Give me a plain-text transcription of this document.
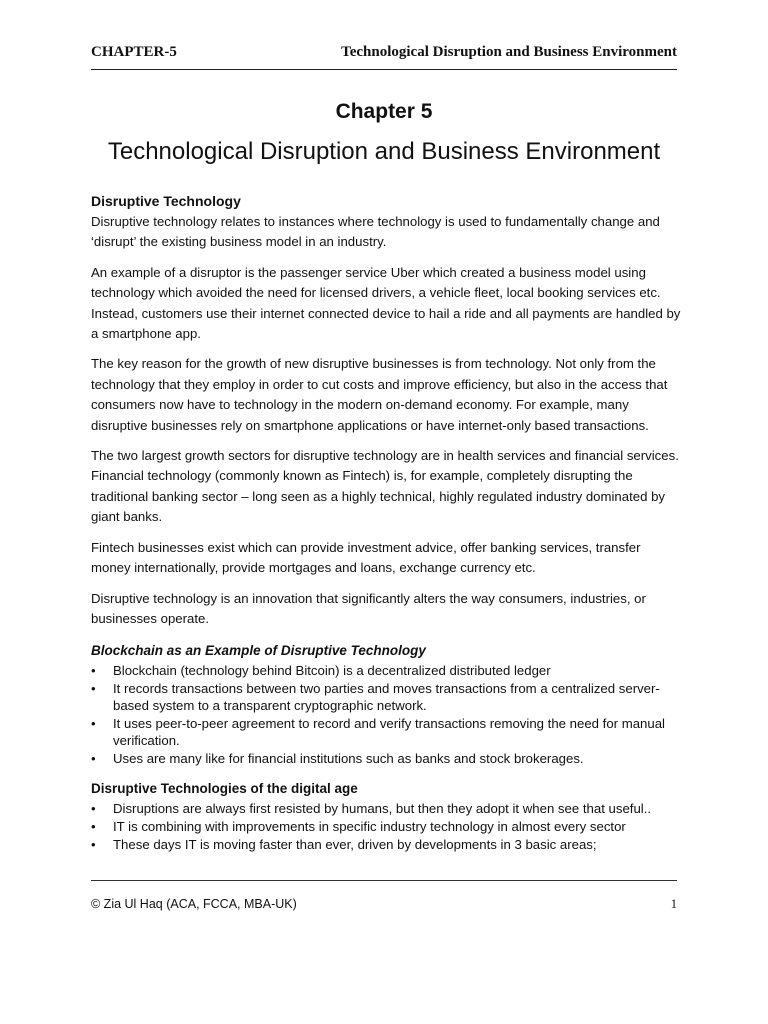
CHAPTER-5	Technological Disruption and Business Environment
Chapter 5
Technological Disruption and Business Environment
Disruptive Technology

Disruptive technology relates to instances where technology is used to fundamentally change and ‘disrupt’ the existing business model in an industry.

An example of a disruptor is the passenger service Uber which created a business model using technology which avoided the need for licensed drivers, a vehicle fleet, local booking services etc. Instead, customers use their internet connected device to hail a ride and all payments are handled by a smartphone app.

The key reason for the growth of new disruptive businesses is from technology. Not only from the technology that they employ in order to cut costs and improve efficiency, but also in the access that consumers now have to technology in the modern on-demand economy. For example, many disruptive businesses rely on smartphone applications or have internet-only based transactions.

The two largest growth sectors for disruptive technology are in health services and financial services. Financial technology (commonly known as Fintech) is, for example, completely disrupting the traditional banking sector – long seen as a highly technical, highly regulated industry dominated by giant banks.

Fintech businesses exist which can provide investment advice, offer banking services, transfer money internationally, provide mortgages and loans, exchange currency etc.

Disruptive technology is an innovation that significantly alters the way consumers, industries, or businesses operate.

Blockchain as an Example of Disruptive Technology
• Blockchain (technology behind Bitcoin) is a decentralized distributed ledger
• It records transactions between two parties and moves transactions from a centralized server-based system to a transparent cryptographic network.
• It uses peer-to-peer agreement to record and verify transactions removing the need for manual verification.
• Uses are many like for financial institutions such as banks and stock brokerages.
Disruptive Technologies of the digital age
• Disruptions are always first resisted by humans, but then they adopt it when see that useful..
• IT is combining with improvements in specific industry technology in almost every sector
• These days IT is moving faster than ever, driven by developments in 3 basic areas;
© Zia Ul Haq (ACA, FCCA, MBA-UK)	1
